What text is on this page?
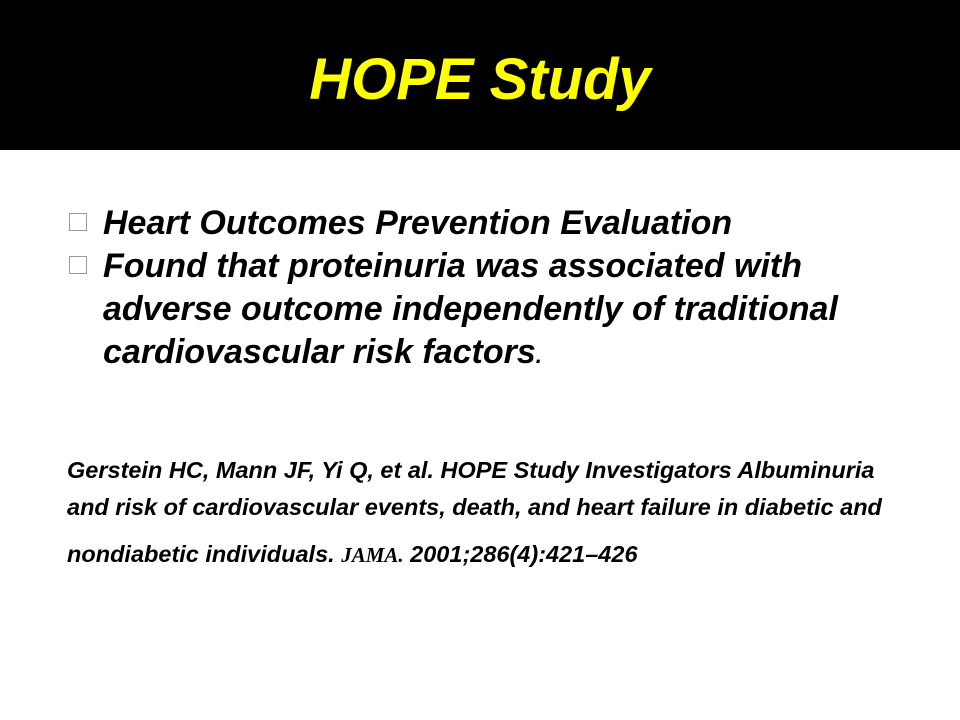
HOPE Study
Heart Outcomes Prevention Evaluation
Found that proteinuria was associated with adverse outcome independently of traditional cardiovascular risk factors.

Gerstein HC, Mann JF, Yi Q, et al. HOPE Study Investigators Albuminuria and risk of cardiovascular events, death, and heart failure in diabetic and
nondiabetic individuals. JAMA. 2001;286(4):421–426
